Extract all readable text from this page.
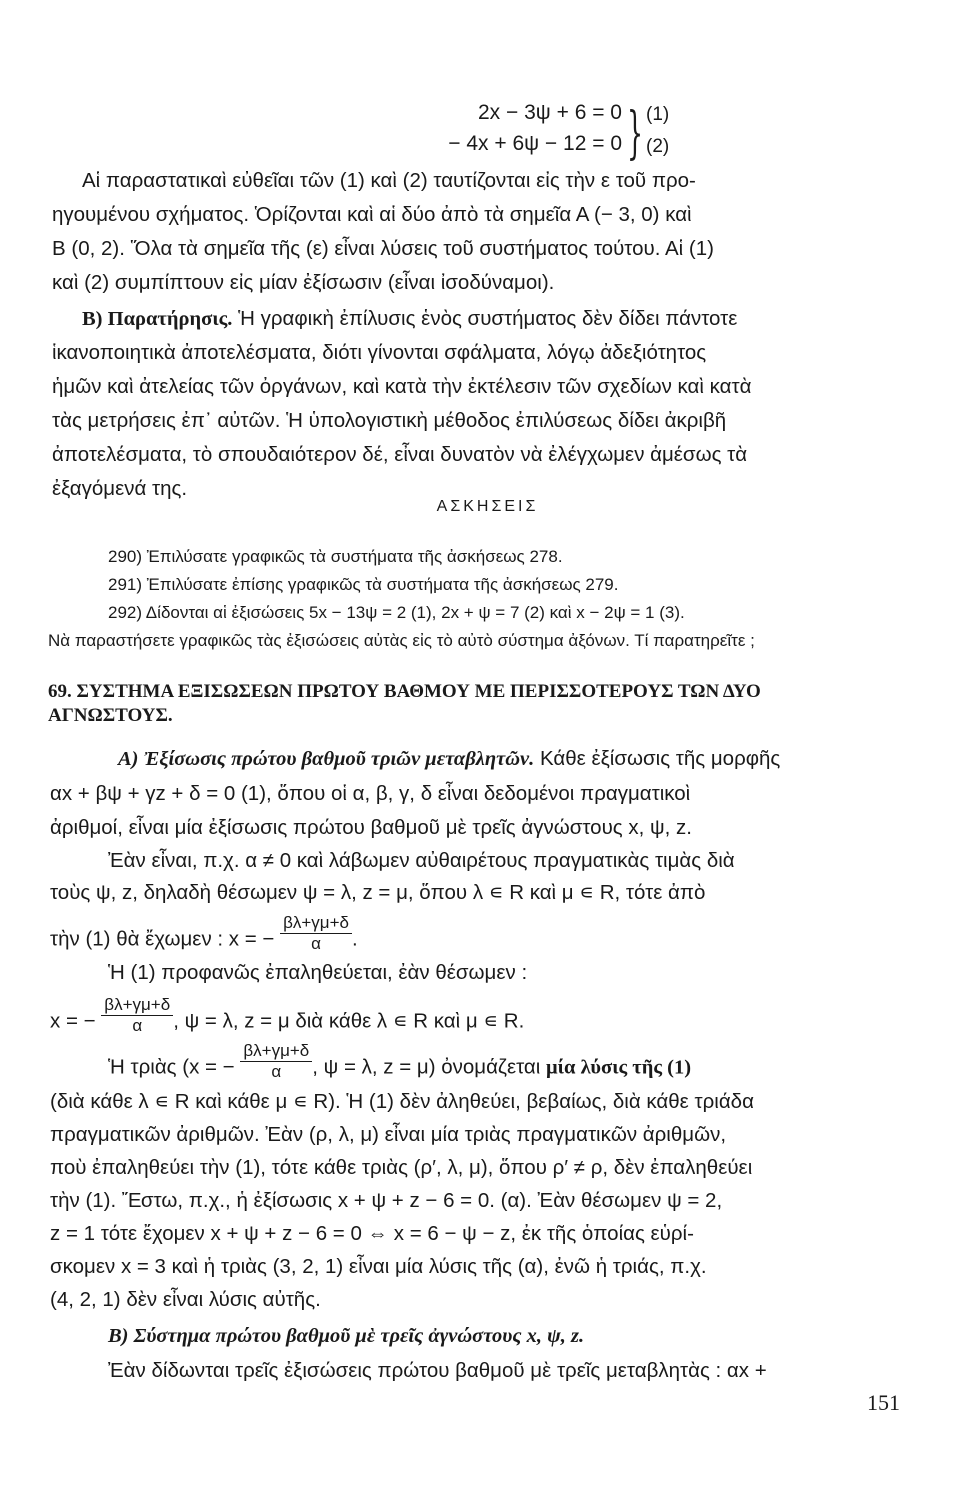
2x − 3ψ + 6 = 0
− 4x + 6ψ − 12 = 0 } (1)
(2)
Αἱ παραστατικαὶ εὐθεῖαι τῶν (1) καὶ (2) ταυτίζονται εἰς τὴν ε τοῦ προ-
ηγουμένου σχήματος. Ὁρίζονται καὶ αἱ δύο ἀπὸ τὰ σημεῖα Α (− 3, 0) καὶ
Β (0, 2). Ὅλα τὰ σημεῖα τῆς (ε) εἶναι λύσεις τοῦ συστήματος τούτου. Αἱ (1)
καὶ (2) συμπίπτουν εἰς μίαν ἐξίσωσιν (εἶναι ἰσοδύναμοι).
Β) Παρατήρησις. Ἡ γραφικὴ ἐπίλυσις ἑνὸς συστήματος δὲν δίδει πάντοτε
ἱκανοποιητικὰ ἀποτελέσματα, διότι γίνονται σφάλματα, λόγῳ ἀδεξιότητος
ἡμῶν καὶ ἀτελείας τῶν ὀργάνων, καὶ κατὰ τὴν ἐκτέλεσιν τῶν σχεδίων καὶ κατὰ
τὰς μετρήσεις ἐπ᾽ αὐτῶν. Ἡ ὑπολογιστικὴ μέθοδος ἐπιλύσεως δίδει ἀκριβῆ
ἀποτελέσματα, τὸ σπουδαιότερον δέ, εἶναι δυνατὸν νὰ ἐλέγχωμεν ἀμέσως τὰ
ἐξαγόμενά της.
ΑΣΚΗΣΕΙΣ
290) Ἐπιλύσατε γραφικῶς τὰ συστήματα τῆς ἀσκήσεως 278.
291) Ἐπιλύσατε ἐπίσης γραφικῶς τὰ συστήματα τῆς ἀσκήσεως 279.
292) Δίδονται αἱ ἐξισώσεις 5x − 13ψ = 2 (1), 2x + ψ = 7 (2) καὶ x − 2ψ = 1 (3).
Νὰ παραστήσετε γραφικῶς τὰς ἐξισώσεις αὐτὰς εἰς τὸ αὐτὸ σύστημα ἀξόνων. Τί παρατηρεῖτε ;
69. ΣΥΣΤΗΜΑ ΕΞΙΣΩΣΕΩΝ ΠΡΩΤΟΥ ΒΑΘΜΟΥ ΜΕ ΠΕΡΙΣΣΟΤΕΡΟΥΣ ΤΩΝ ΔΥΟ
ΑΓΝΩΣΤΟΥΣ.
Α) Ἐξίσωσις πρώτου βαθμοῦ τριῶν μεταβλητῶν. Κάθε ἐξίσωσις τῆς μορφῆς
αx + βψ + γz + δ = 0 (1), ὅπου οἱ α, β, γ, δ εἶναι δεδομένοι πραγματικοὶ
ἀριθμοί, εἶναι μία ἐξίσωσις πρώτου βαθμοῦ μὲ τρεῖς ἀγνώστους x, ψ, z.
Ἐὰν εἶναι, π.χ. α ≠ 0 καὶ λάβωμεν αὐθαιρέτους πραγματικὰς τιμὰς διὰ
τοὺς ψ, z, δηλαδὴ θέσωμεν ψ = λ, z = μ, ὅπου λ ∊ R καὶ μ ∊ R, τότε ἀπὸ
τὴν (1) θὰ ἔχωμεν : x = − $\frac{\beta\lambda+\gamma\mu+\delta}{\alpha}$ .
Ἡ (1) προφανῶς ἐπαληθεύεται, ἐὰν θέσωμεν :
x = − $\frac{\beta\lambda+\gamma\mu+\delta}{\alpha}$ , ψ = λ, z = μ διὰ κάθε λ ∊ R καὶ μ ∊ R.
Ἡ τριὰς (x = − $\frac{\beta\lambda+\gamma\mu+\delta}{\alpha}$ , ψ = λ, z = μ) ὀνομάζεται μία λύσις τῆς (1)
(διὰ κάθε λ ∊ R καὶ κάθε μ ∊ R). Ἡ (1) δὲν ἀληθεύει, βεβαίως, διὰ κάθε τριάδα
πραγματικῶν ἀριθμῶν. Ἐὰν (ρ, λ, μ) εἶναι μία τριὰς πραγματικῶν ἀριθμῶν,
ποὺ ἐπαληθεύει τὴν (1), τότε κάθε τριὰς (ρ′, λ, μ), ὅπου ρ′ ≠ ρ, δὲν ἐπαληθεύει
τὴν (1). Ἔστω, π.χ., ἡ ἐξίσωσις x + ψ + z − 6 = 0. (α). Ἐὰν θέσωμεν ψ = 2,
z = 1 τότε ἔχομεν x + ψ + z − 6 = 0 ⇔ x = 6 − ψ − z, ἐκ τῆς ὁποίας εὑρί-
σκομεν x = 3 καὶ ἡ τριὰς (3, 2, 1) εἶναι μία λύσις τῆς (α), ἐνῶ ἡ τριάς, π.χ.
(4, 2, 1) δὲν εἶναι λύσις αὐτῆς.
Β) Σύστημα πρώτου βαθμοῦ μὲ τρεῖς ἀγνώστους x, ψ, z.
Ἐὰν δίδωνται τρεῖς ἐξισώσεις πρώτου βαθμοῦ μὲ τρεῖς μεταβλητὰς : αx +
151
